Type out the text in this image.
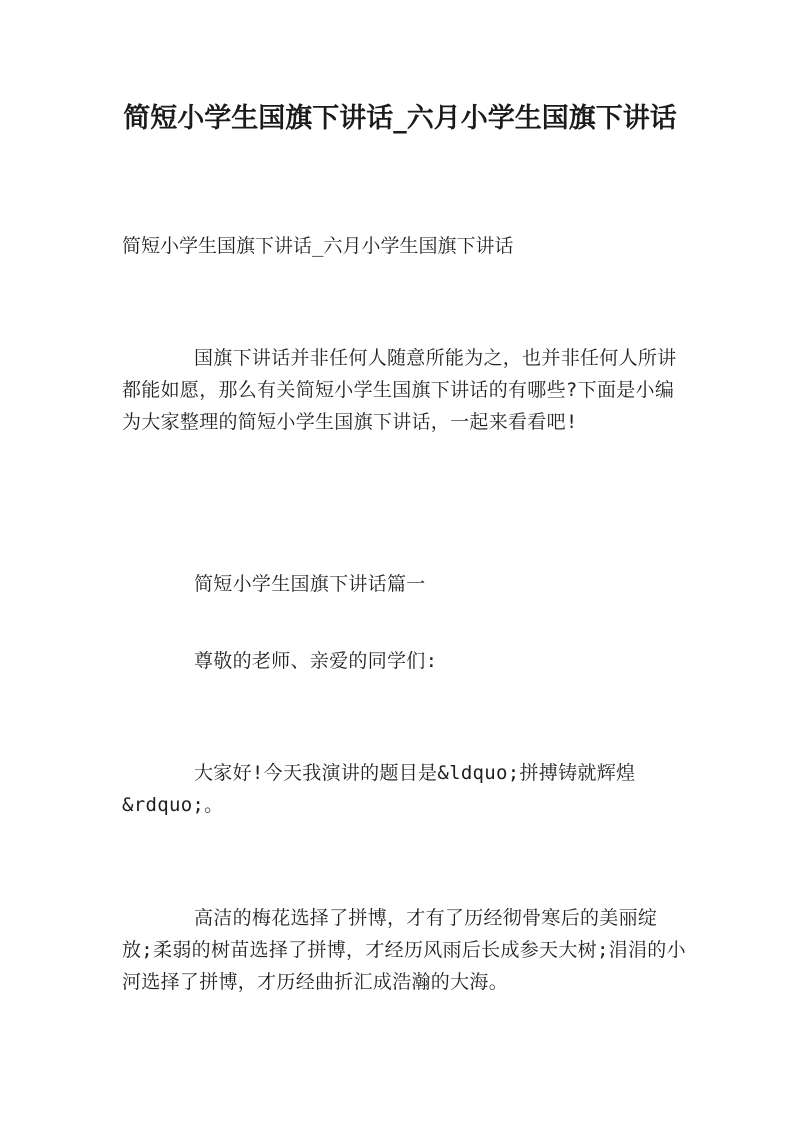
简短小学生国旗下讲话_六月小学生国旗下讲话

简短小学生国旗下讲话_六月小学生国旗下讲话

国旗下讲话并非任何人随意所能为之，也并非任何人所讲都能如愿，那么有关简短小学生国旗下讲话的有哪些?下面是小编为大家整理的简短小学生国旗下讲话，一起来看看吧!

简短小学生国旗下讲话篇一

尊敬的老师、亲爱的同学们:

大家好!今天我演讲的题目是&ldquo;拼搏铸就辉煌&rdquo;。

高洁的梅花选择了拼博，才有了历经彻骨寒后的美丽绽放;柔弱的树苗选择了拼博，才经历风雨后长成参天大树;涓涓的小河选择了拼博，才历经曲折汇成浩瀚的大海。
